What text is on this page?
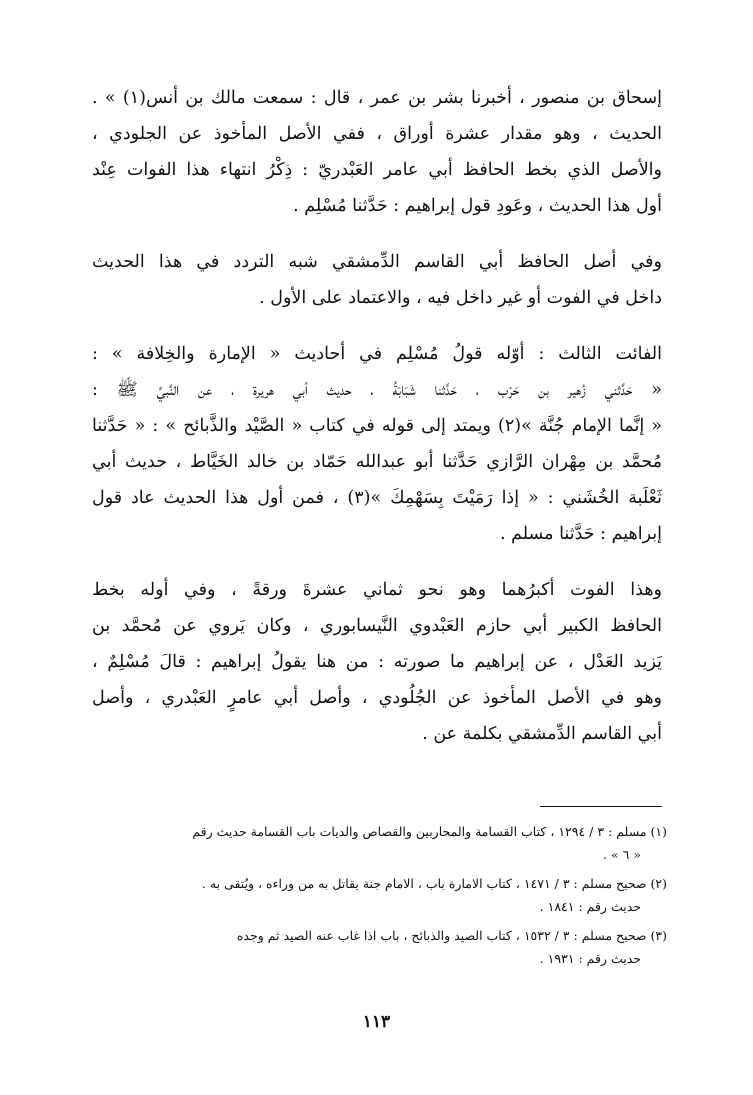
إسحاق بن منصور ، أخبرنا بشر بن عمر ، قال : سمعت مالك بن أنس(١) » .
الحديث ، وهو مقدار عشرة أوراق ، ففي الأصل المأخوذ عن الجلودي ،
والأصل الذي بخط الحافظ أبي عامر العَبْدريّ : ذِكْرُ انتهاء هذا الفوات عِنْد
أول هذا الحديث ، وعَودِ قول إبراهيم : حَدَّثنا مُسْلِم .
وفي أصل الحافظ أبي القاسم الدِّمشقي شبه التردد في هذا الحديث
داخل في الفوت أو غير داخل فيه ، والاعتماد على الأول .
الفائت الثالث : أوّله قولُ مُسْلِم في أحاديث « الإمارة والخِلافة » :
« حَدَّثني زُهير بن حَرْب ، حَدَّثنا شَبَابَةُ ، حديث أبي هريرة ، عن النَّبيِّ ﷺ :
« إنَّما الإمام جُنَّة »(٢) ويمتد إلى قوله في كتاب « الصَّيْد والذَّبائح » : « حَدَّثنا
مُحمَّد بن مِهْران الرَّازي حَدَّثنا أبو عبدالله حَمّاد بن خالد الخَيَّاط ، حديث أبي
ثَعْلَبة الخُشَني : « إذا رَمَيْتَ بِسَهْمِكَ »(٣) ، فمن أول هذا الحديث عاد قول
إبراهيم : حَدَّثنا مسلم .
وهذا الفوت أكبرُهما وهو نحو ثماني عشرةَ ورقةً ، وفي أوله بخط
الحافظ الكبير أبي حازم العَبْدوي النَّيسابوري ، وكان يَروي عن مُحمَّد بن
يَزيد العَدْل ، عن إبراهيم ما صورته : من هنا يقولُ إبراهيم : قالَ مُسْلِمٌ ،
وهو في الأصل المأخوذ عن الجُلُودي ، وأصل أبي عامرٍ العَبْدري ، وأصل
أبي القاسم الدِّمشقي بكلمة عن .
(١) مسلم : ٣ / ١٢٩٤ ، كتاب القسامة والمحاربين والقصاص والديات باب القسامة حديث رقم
« ٦ » .
(٢) صحيح مسلم : ٣ / ١٤٧١ ، كتاب الامارة باب ، الامام جنة يقاتل به من وراءه ، ويُتقى به .
حديث رقم : ١٨٤١ .
(٣) صحيح مسلم : ٣ / ١٥٣٢ ، كتاب الصيد والذبائح ، باب اذا غاب عنه الصيد ثم وجده
حديث رقم : ١٩٣١ .
١١٣
